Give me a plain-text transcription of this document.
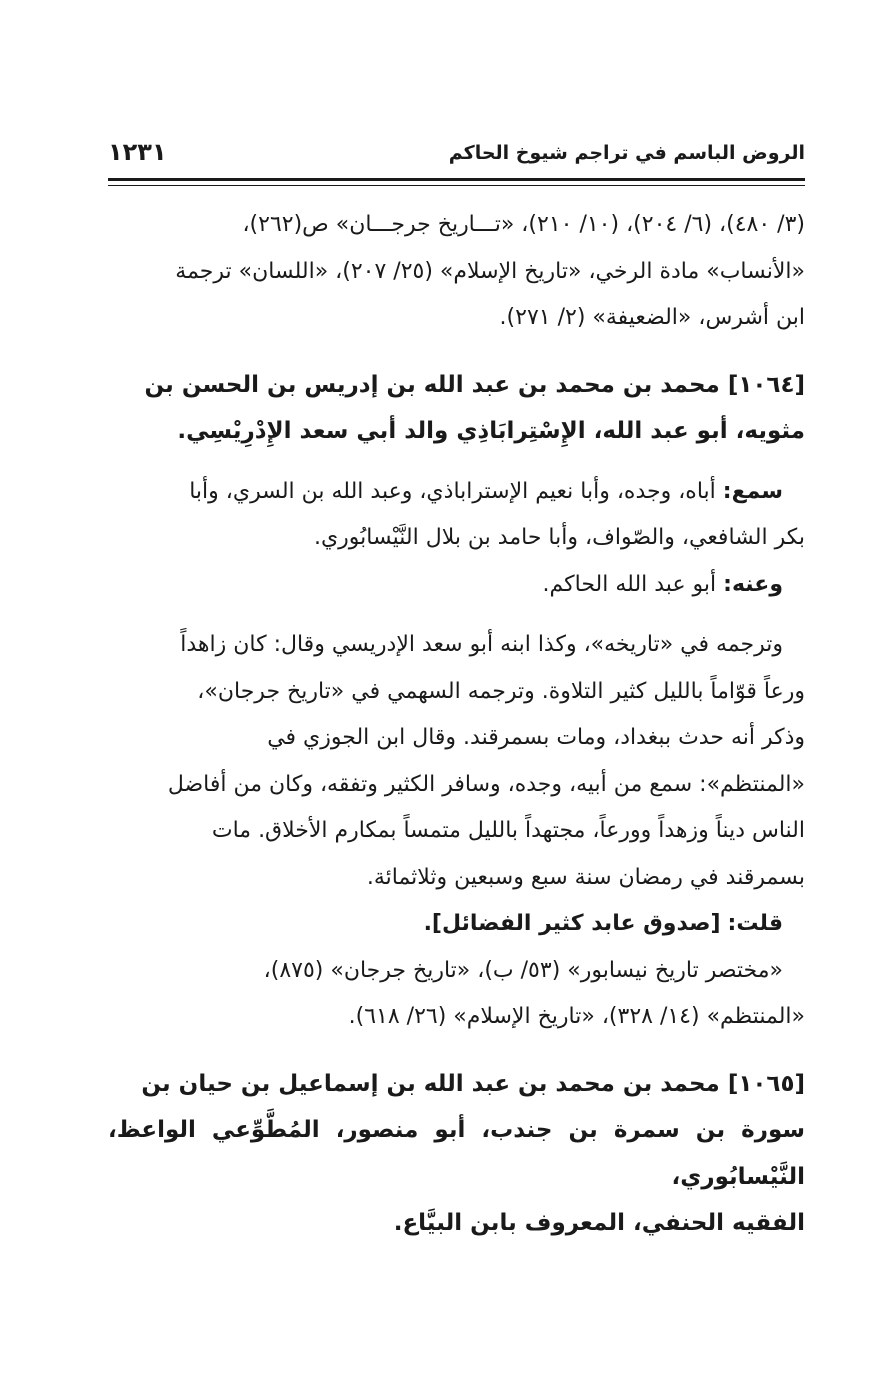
الروض الباسم في تراجم شيوخ الحاكم
١٢٣١

(٣/ ٤٨٠)، (٦/ ٢٠٤)، (١٠/ ٢١٠)، «تـــاريخ جرجـــان» ص(٢٦٢)،

«الأنساب» مادة الرخي، «تاريخ الإسلام» (٢٥/ ٢٠٧)، «اللسان» ترجمة

ابن أشرس، «الضعيفة» (٢/ ٢٧١).

[١٠٦٤] محمد بن محمد بن عبد الله بن إدريس بن الحسن بن

مثويه، أبو عبد الله، الإِسْتِرابَاذِي والد أبي سعد الإِدْرِيْسِي.

سمع: أباه، وجده، وأبا نعيم الإستراباذي، وعبد الله بن السري، وأبا

بكر الشافعي، والصّواف، وأبا حامد بن بلال النَّيْسابُوري.

وعنه: أبو عبد الله الحاكم.

وترجمه في «تاريخه»، وكذا ابنه أبو سعد الإدريسي وقال: كان زاهداً

ورعاً قوّاماً بالليل كثير التلاوة. وترجمه السهمي في «تاريخ جرجان»،

وذكر أنه حدث ببغداد، ومات بسمرقند. وقال ابن الجوزي في

«المنتظم»: سمع من أبيه، وجده، وسافر الكثير وتفقه، وكان من أفاضل

الناس ديناً وزهداً وورعاً، مجتهداً بالليل متمساً بمكارم الأخلاق. مات

بسمرقند في رمضان سنة سبع وسبعين وثلاثمائة.

قلت: [صدوق عابد كثير الفضائل].

«مختصر تاريخ نيسابور» (٥٣/ ب)، «تاريخ جرجان» (٨٧٥)،

«المنتظم» (١٤/ ٣٢٨)، «تاريخ الإسلام» (٢٦/ ٦١٨).

[١٠٦٥] محمد بن محمد بن عبد الله بن إسماعيل بن حيان بن

سورة بن سمرة بن جندب، أبو منصور، المُطَّوِّعي الواعظ، النَّيْسابُوري،

الفقيه الحنفي، المعروف بابن البيَّاع.
